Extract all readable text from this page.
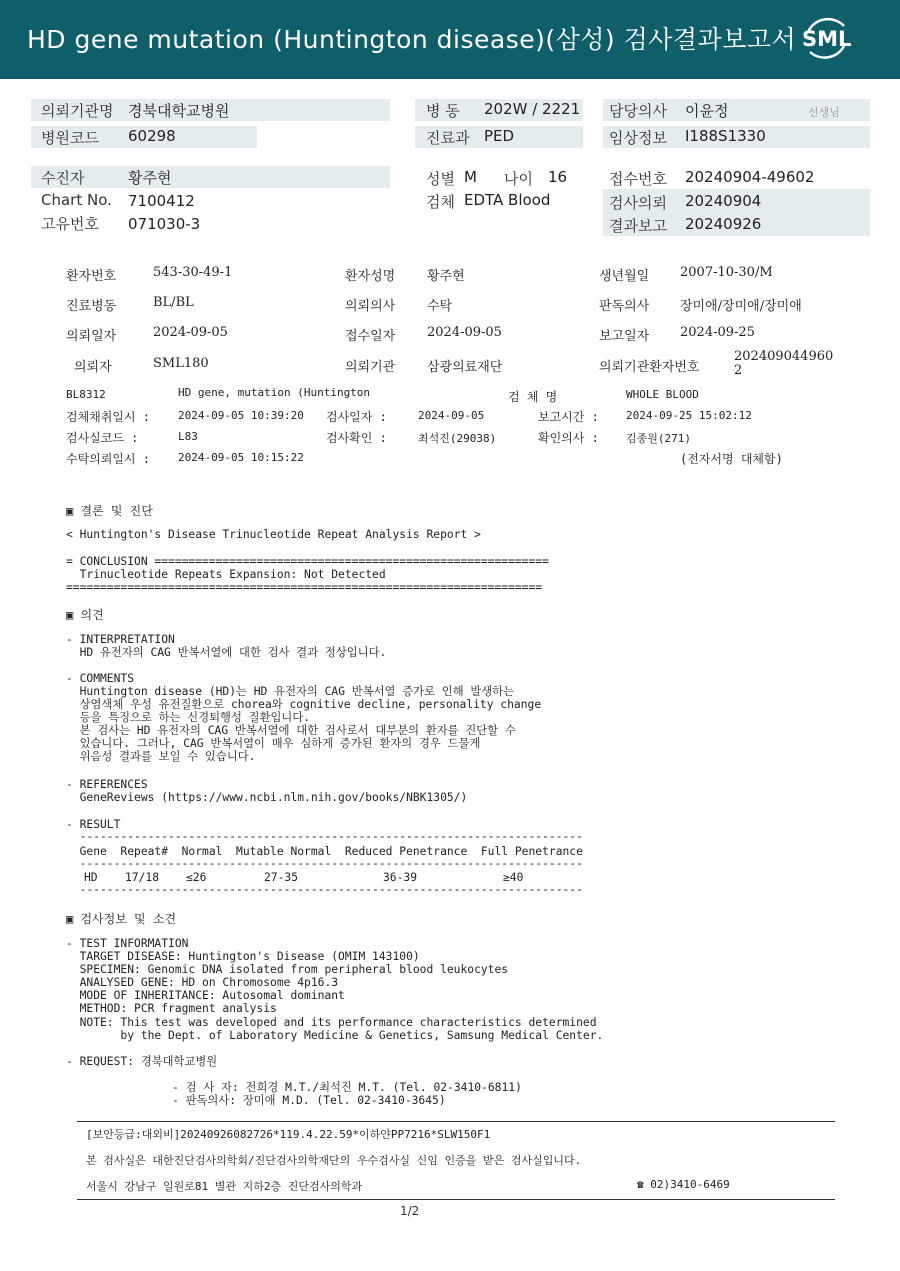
HD gene mutation (Huntington disease)(삼성) 검사결과보고서 SML
의뢰기관명 경북대학교병원
병원코드 60298
병 동 202W / 2221
진료과 PED
담당의사 이윤정	선생님
임상정보 I188S1330
수진자	황주현
Chart No. 7100412
고유번호 071030-3
성별 M 나이 16
검체 EDTA Blood
접수번호 20240904-49602
검사의뢰 20240904
결과보고 20240926
환자번호	543-30-49-1	환자성명 황주현	생년월일 2007-10-30/M
진료병동	BL/BL	의뢰의사 수탁	판독의사 장미애/장미애/장미애
의뢰일자	2024-09-05	접수일자 2024-09-05	보고일자 2024-09-25
의뢰자	SML180	의뢰기관 삼광의료재단	의뢰기관환자번호
202409044960
2
BL8312	HD gene, mutation (Huntington	검 체 명	WHOLE BLOOD
검체채취일시 :	2024-09-05 10:39:20 검사일자 :	2024-09-05	보고시간 : 2024-09-25 15:02:12
검사실코드 :	L83	검사확인 :	최석진(29038)	확인의사 : 김종원(271)
수탁의뢰일시 :	2024-09-05 10:15:22	(전자서명 대체함)
▣ 결론 및 진단
< Huntington's Disease Trinucleotide Repeat Analysis Report >
= CONCLUSION ==========================================================
Trinucleotide Repeats Expansion: Not Detected
======================================================================
▣ 의견
- INTERPRETATION
HD 유전자의 CAG 반복서열에 대한 검사 결과 정상입니다.
- COMMENTS
Huntington disease (HD)는 HD 유전자의 CAG 반복서열 증가로 인해 발생하는
상염색체 우성 유전질환으로 chorea와 cognitive decline, personality change
등을 특징으로 하는 신경퇴행성 질환입니다.
본 검사는 HD 유전자의 CAG 반복서열에 대한 검사로서 대부분의 환자를 진단할 수
있습니다. 그러나, CAG 반복서열이 매우 심하게 증가된 환자의 경우 드물게
위음성 결과를 보일 수 있습니다.
- REFERENCES
GeneReviews (https://www.ncbi.nlm.nih.gov/books/NBK1305/)
- RESULT
--------------------------------------------------------------------------
Gene  Repeat#  Normal  Mutable Normal  Reduced Penetrance  Full Penetrance
--------------------------------------------------------------------------
HD 17/18 ≤26	27-35	36-39	≥40
--------------------------------------------------------------------------
▣ 검사정보 및 소견
- TEST INFORMATION
TARGET DISEASE: Huntington's Disease (OMIM 143100)
SPECIMEN: Genomic DNA isolated from peripheral blood leukocytes
ANALYSED GENE: HD on Chromosome 4p16.3
MODE OF INHERITANCE: Autosomal dominant
METHOD: PCR fragment analysis
NOTE: This test was developed and its performance characteristics determined
by the Dept. of Laboratory Medicine & Genetics, Samsung Medical Center.
- REQUEST: 경북대학교병원
- 검 사 자: 전희경 M.T./최석진 M.T. (Tel. 02-3410-6811)
- 판독의사: 장미애 M.D. (Tel. 02-3410-3645)
[보안등급:대외비]20240926082726*119.4.22.59*이하얀PP7216*SLW150F1
본 검사실은 대한진단검사의학회/진단검사의학재단의 우수검사실 신임 인증을 받은 검사실입니다.
서울시 강남구 일원로81 별관 지하2층 진단검사의학과	☎ 02)3410-6469
1/2
